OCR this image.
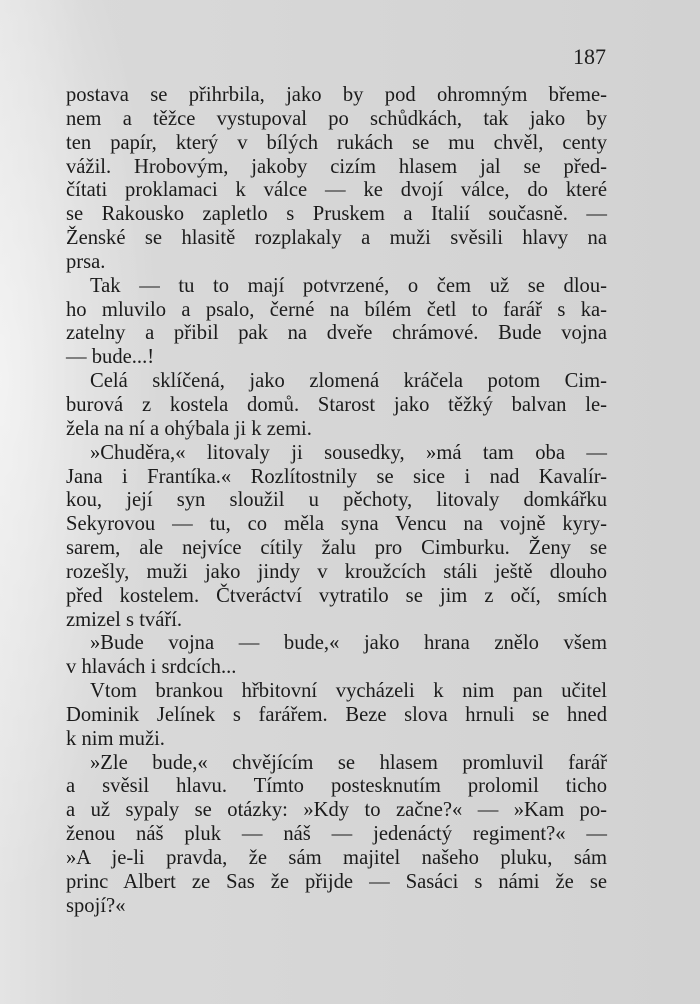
187
postava se přihrbila, jako by pod ohromným břeme-
nem a těžce vystupoval po schůdkách, tak jako by
ten papír, který v bílých rukách se mu chvěl, centy
vážil. Hrobovým, jakoby cizím hlasem jal se před-
čítati proklamaci k válce — ke dvojí válce, do které
se Rakousko zapletlo s Pruskem a Italií současně. —
Ženské se hlasitě rozplakaly a muži svěsili hlavy na
prsa.
Tak — tu to mají potvrzené, o čem už se dlou-
ho mluvilo a psalo, černé na bílém četl to farář s ka-
zatelny a přibil pak na dveře chrámové. Bude vojna
— bude...!
Celá sklíčená, jako zlomená kráčela potom Cim-
burová z kostela domů. Starost jako těžký balvan le-
žela na ní a ohýbala ji k zemi.
»Chuděra,« litovaly ji sousedky, »má tam oba —
Jana i Frantíka.« Rozlítostnily se sice i nad Kavalír-
kou, její syn sloužil u pěchoty, litovaly domkářku
Sekyrovou — tu, co měla syna Vencu na vojně kyry-
sarem, ale nejvíce cítily žalu pro Cimburku. Ženy se
rozešly, muži jako jindy v kroužcích stáli ještě dlouho
před kostelem. Čtveráctví vytratilo se jim z očí, smích
zmizel s tváří.
»Bude vojna — bude,« jako hrana znělo všem
v hlavách i srdcích...
Vtom brankou hřbitovní vycházeli k nim pan učitel
Dominik Jelínek s farářem. Beze slova hrnuli se hned
k nim muži.
»Zle bude,« chvějícím se hlasem promluvil farář
a svěsil hlavu. Tímto postesknutím prolomil ticho
a už sypaly se otázky: »Kdy to začne?« — »Kam po-
ženou náš pluk — náš — jedenáctý regiment?« —
»A je-li pravda, že sám majitel našeho pluku, sám
princ Albert ze Sas že přijde — Sasáci s námi že se
spojí?«
